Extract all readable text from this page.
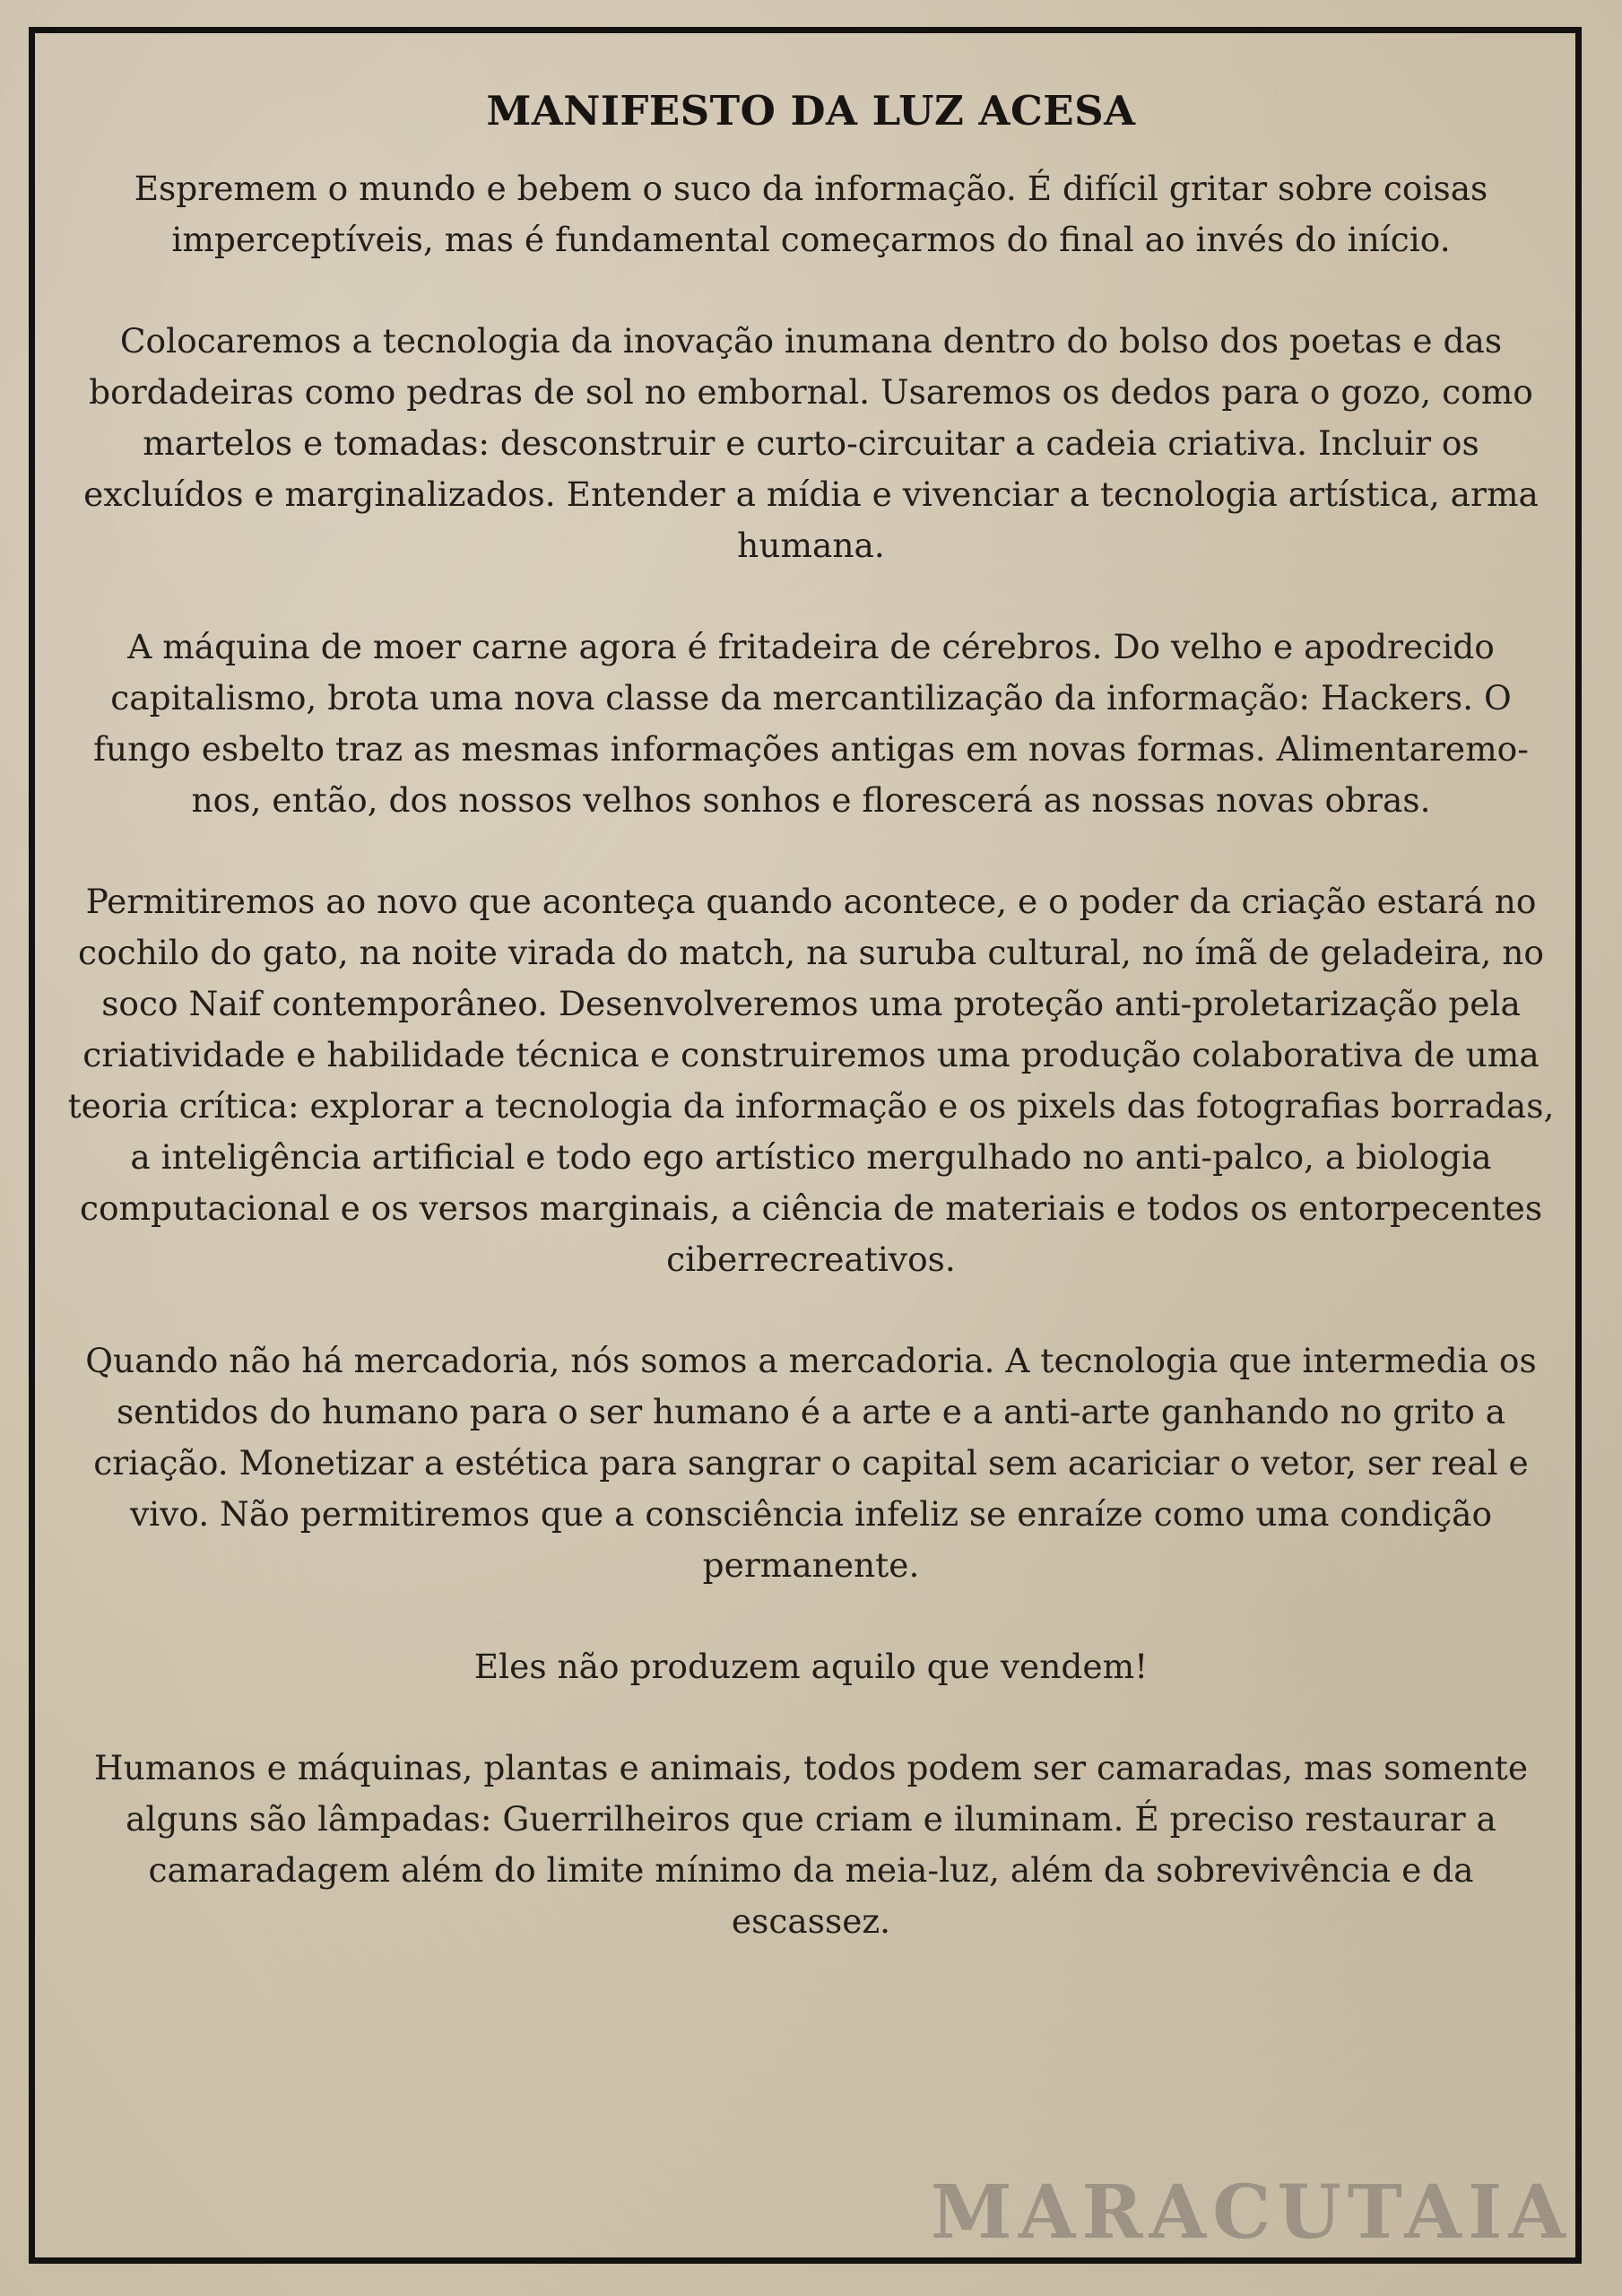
MANIFESTO DA LUZ ACESA

Espremem o mundo e bebem o suco da informação. É difícil gritar sobre coisas imperceptíveis, mas é fundamental começarmos do final ao invés do início.

Colocaremos a tecnologia da inovação inumana dentro do bolso dos poetas e das bordadeiras como pedras de sol no embornal. Usaremos os dedos para o gozo, como martelos e tomadas: desconstruir e curto-circuitar a cadeia criativa. Incluir os excluídos e marginalizados. Entender a mídia e vivenciar a tecnologia artística, arma humana.

A máquina de moer carne agora é fritadeira de cérebros. Do velho e apodrecido capitalismo, brota uma nova classe da mercantilização da informação: Hackers. O fungo esbelto traz as mesmas informações antigas em novas formas. Alimentaremo-nos, então, dos nossos velhos sonhos e florescerá as nossas novas obras.

Permitiremos ao novo que aconteça quando acontece, e o poder da criação estará no cochilo do gato, na noite virada do match, na suruba cultural, no ímã de geladeira, no soco Naif contemporâneo. Desenvolveremos uma proteção anti-proletarização pela criatividade e habilidade técnica e construiremos uma produção colaborativa de uma teoria crítica: explorar a tecnologia da informação e os pixels das fotografias borradas, a inteligência artificial e todo ego artístico mergulhado no anti-palco, a biologia computacional e os versos marginais, a ciência de materiais e todos os entorpecentes ciberrecreativos.

Quando não há mercadoria, nós somos a mercadoria. A tecnologia que intermedia os sentidos do humano para o ser humano é a arte e a anti-arte ganhando no grito a criação. Monetizar a estética para sangrar o capital sem acariciar o vetor, ser real e vivo. Não permitiremos que a consciência infeliz se enraíze como uma condição permanente.

Eles não produzem aquilo que vendem!

Humanos e máquinas, plantas e animais, todos podem ser camaradas, mas somente alguns são lâmpadas: Guerrilheiros que criam e iluminam. É preciso restaurar a camaradagem além do limite mínimo da meia-luz, além da sobrevivência e da escassez.

MARACUTAIA
